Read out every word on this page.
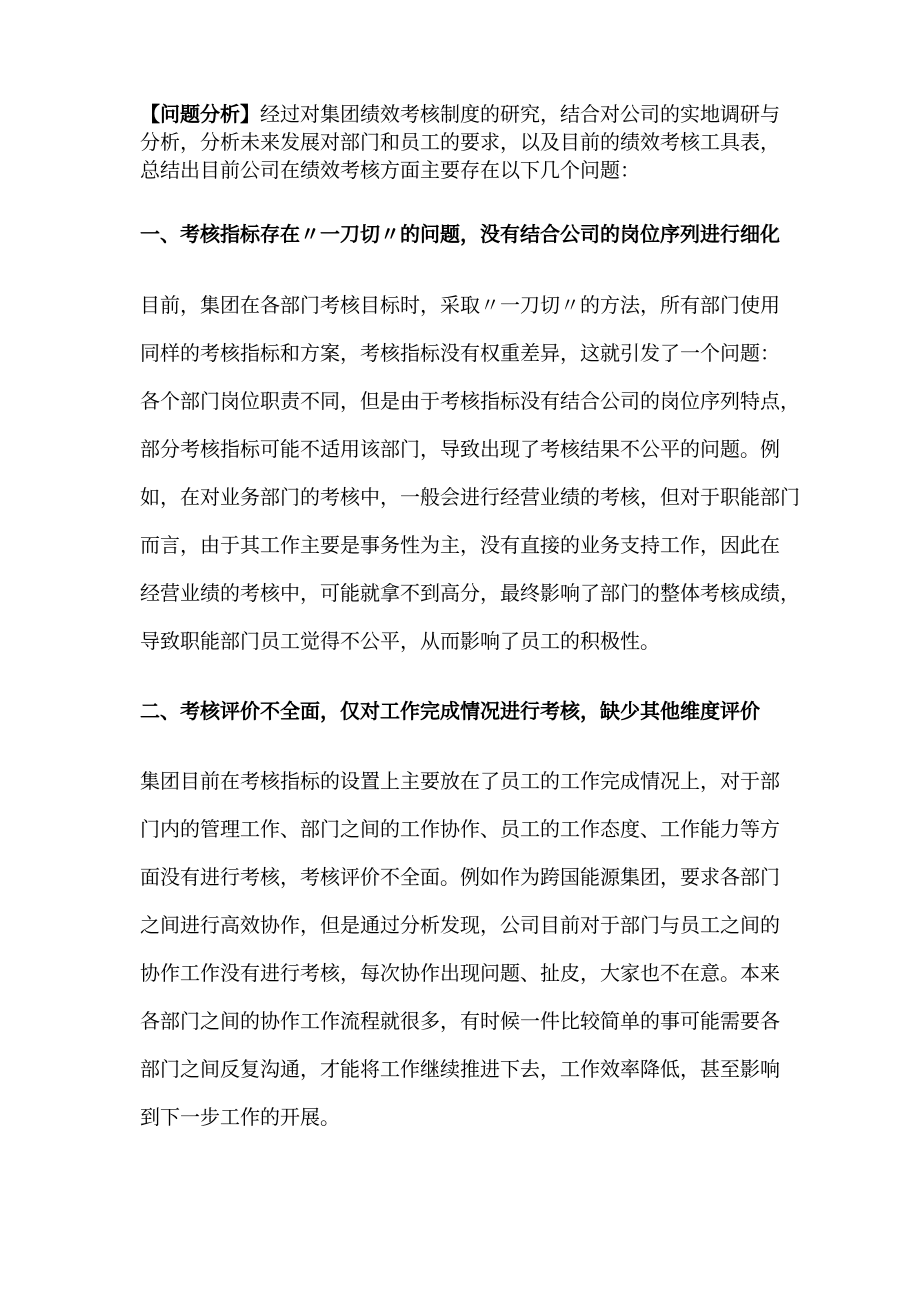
【问题分析】经过对集团绩效考核制度的研究，结合对公司的实地调研与
分析，分析未来发展对部门和员工的要求，以及目前的绩效考核工具表，
总结出目前公司在绩效考核方面主要存在以下几个问题：
一、考核指标存在〃一刀切〃的问题，没有结合公司的岗位序列进行细化
目前，集团在各部门考核目标时，采取〃一刀切〃的方法，所有部门使用
同样的考核指标和方案，考核指标没有权重差异，这就引发了一个问题：
各个部门岗位职责不同，但是由于考核指标没有结合公司的岗位序列特点，
部分考核指标可能不适用该部门，导致出现了考核结果不公平的问题。例
如，在对业务部门的考核中，一般会进行经营业绩的考核，但对于职能部门
而言，由于其工作主要是事务性为主，没有直接的业务支持工作，因此在
经营业绩的考核中，可能就拿不到高分，最终影响了部门的整体考核成绩，
导致职能部门员工觉得不公平，从而影响了员工的积极性。
二、考核评价不全面，仅对工作完成情况进行考核，缺少其他维度评价
集团目前在考核指标的设置上主要放在了员工的工作完成情况上，对于部
门内的管理工作、部门之间的工作协作、员工的工作态度、工作能力等方
面没有进行考核，考核评价不全面。例如作为跨国能源集团，要求各部门
之间进行高效协作，但是通过分析发现，公司目前对于部门与员工之间的
协作工作没有进行考核，每次协作出现问题、扯皮，大家也不在意。本来
各部门之间的协作工作流程就很多，有时候一件比较简单的事可能需要各
部门之间反复沟通，才能将工作继续推进下去，工作效率降低，甚至影响
到下一步工作的开展。
